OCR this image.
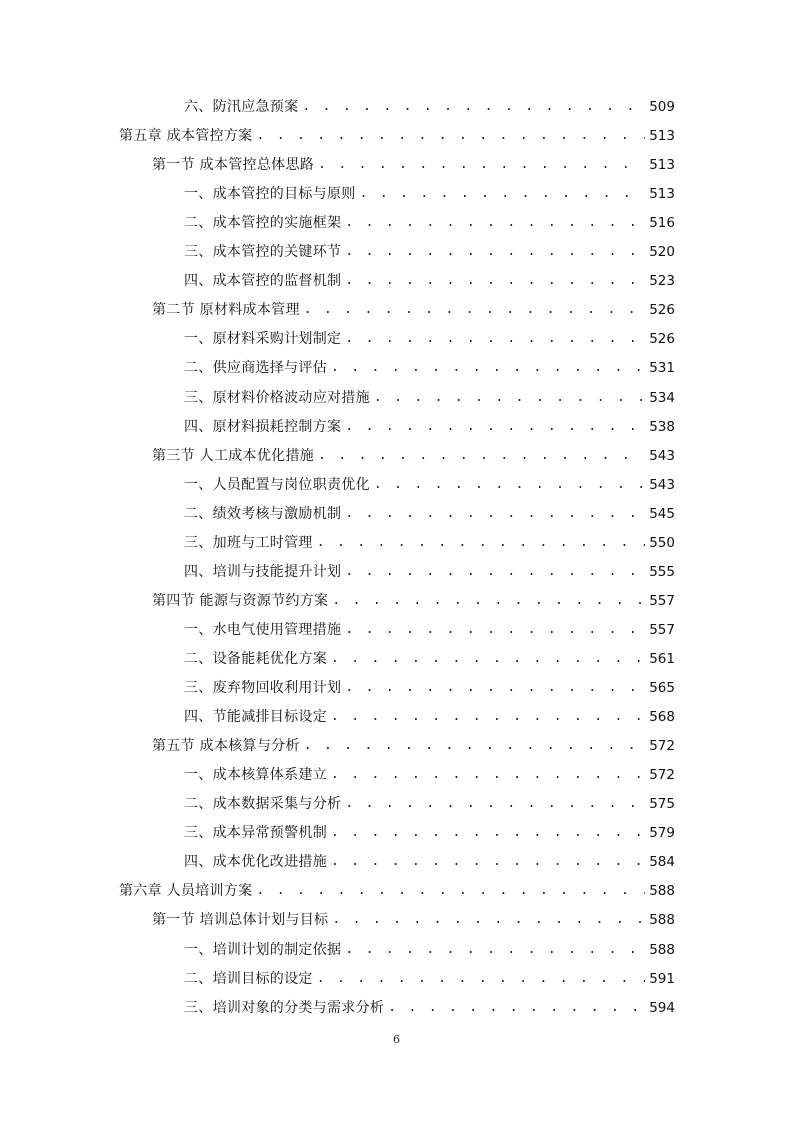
六、防汛应急预案 . . .	509
第五章 成本管控方案 . . .	513
第一节 成本管控总体思路 . . .	513
一、成本管控的目标与原则 . . .	513
二、成本管控的实施框架 . . .	516
三、成本管控的关键环节 . . .	520
四、成本管控的监督机制 . . .	523
第二节 原材料成本管理 . . .	526
一、原材料采购计划制定 . . .	526
二、供应商选择与评估 . . .	531
三、原材料价格波动应对措施 . . .	534
四、原材料损耗控制方案 . . .	538
第三节 人工成本优化措施 . . .	543
一、人员配置与岗位职责优化 . . .	543
二、绩效考核与激励机制 . . .	545
三、加班与工时管理 . . .	550
四、培训与技能提升计划 . . .	555
第四节 能源与资源节约方案 . . .	557
一、水电气使用管理措施 . . .	557
二、设备能耗优化方案 . . .	561
三、废弃物回收利用计划 . . .	565
四、节能减排目标设定 . . .	568
第五节 成本核算与分析 . . .	572
一、成本核算体系建立 . . .	572
二、成本数据采集与分析 . . .	575
三、成本异常预警机制 . . .	579
四、成本优化改进措施 . . .	584
第六章 人员培训方案 . . .	588
第一节 培训总体计划与目标 . . .	588
一、培训计划的制定依据 . . .	588
二、培训目标的设定 . . .	591
三、培训对象的分类与需求分析 . . .	594
6
